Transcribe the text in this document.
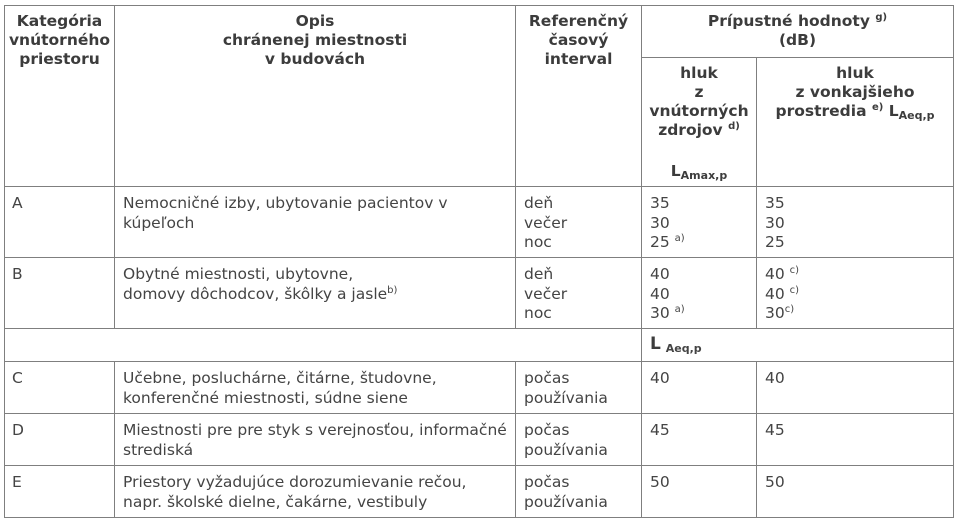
Kategória
vnútorného
priestoru	Opis
chránenej miestnosti
v budovách	Referenčný
časový
interval	Prípustné hodnoty $^{g)}$
(dB)	

			hluk
z
vnútorných
zdrojov $^{d)}$
LAmax,p	hluk
z vonkajšieho
prostredia $^{e)}$ LAeq,p

A	Nemocničné izby, ubytovanie pacientov v kúpeľoch	deň
večer
noc	35
30
25 $^{a)}$	35
30
25

B	Obytné miestnosti, ubytovne,
domovy dôchodcov, škôlky a jasle$^{b)}$	deň
večer
noc	40
40
30 $^{a)}$	40 $^{c)}$
40 $^{c)}$
30$^{c)}$

			L Aeq,p	
C	Učebne, posluchárne, čitárne, študovne, konferenčné miestnosti, súdne siene	počas
používania	40	40
D	Miestnosti pre pre styk s verejnosťou, informačné strediská	počas
používania	45	45
E	Priestory vyžadujúce dorozumievanie rečou, napr. školské dielne, čakárne, vestibuly	počas
používania	50	50
